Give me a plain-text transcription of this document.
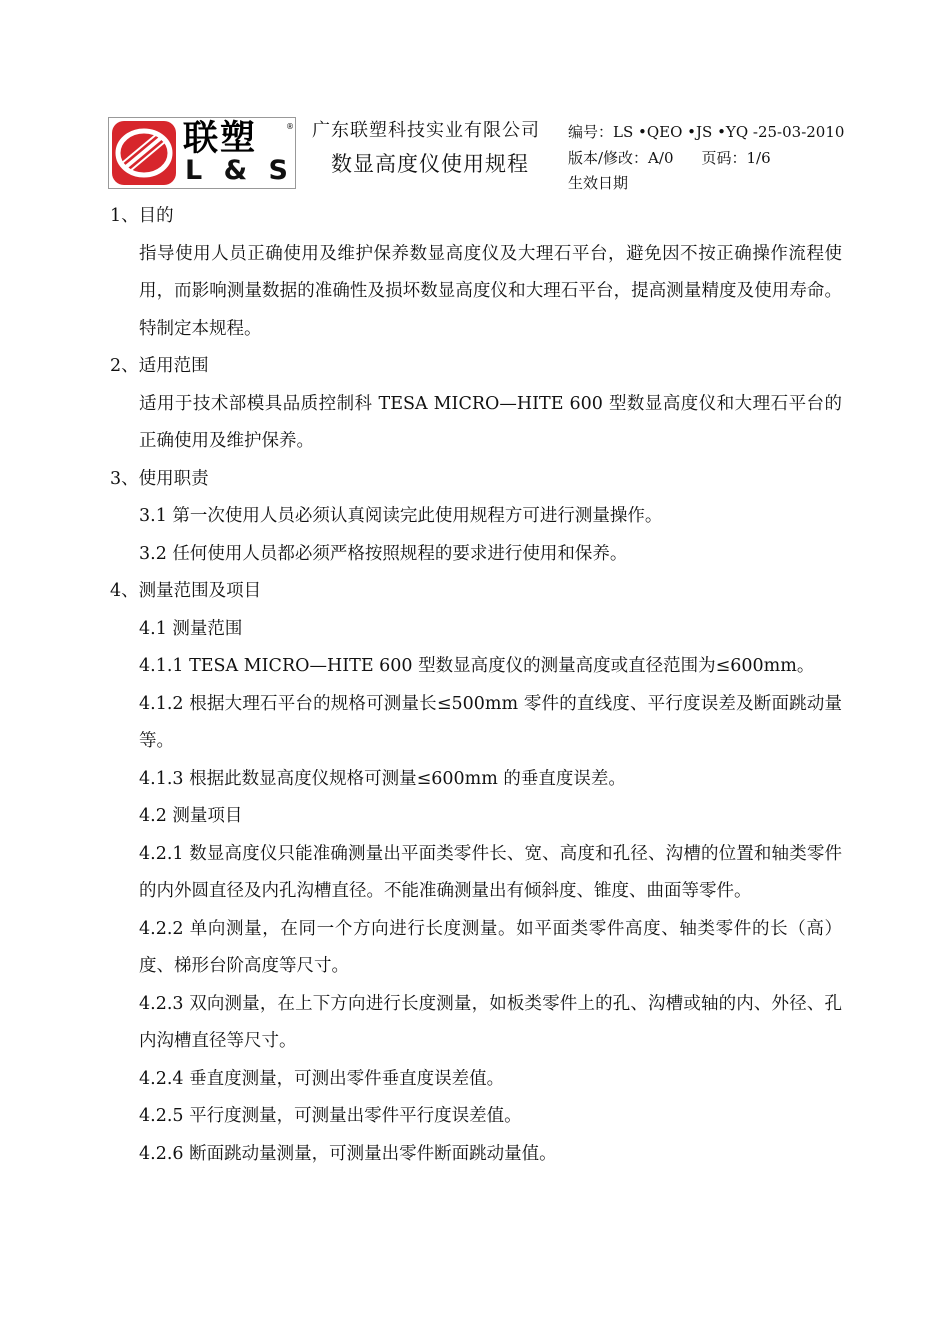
联塑	®
L & S
广东联塑科技实业有限公司
数显高度仪使用规程
编号：LS •QEO •JS •YQ -25-03-2010
版本/修改：A/0 页码：1/6
生效日期

1、目的

指导使用人员正确使用及维护保养数显高度仪及大理石平台，避免因不按正确操作流程使用，而影响测量数据的准确性及损坏数显高度仪和大理石平台，提高测量精度及使用寿命。特制定本规程。

2、适用范围

适用于技术部模具品质控制科 TESA MICRO—HITE 600 型数显高度仪和大理石平台的正确使用及维护保养。

3、使用职责

3.1 第一次使用人员必须认真阅读完此使用规程方可进行测量操作。

3.2 任何使用人员都必须严格按照规程的要求进行使用和保养。

4、测量范围及项目

4.1 测量范围

4.1.1 TESA MICRO—HITE 600 型数显高度仪的测量高度或直径范围为≤600mm。

4.1.2 根据大理石平台的规格可测量长≤500mm 零件的直线度、平行度误差及断面跳动量等。

4.1.3 根据此数显高度仪规格可测量≤600mm 的垂直度误差。

4.2 测量项目

4.2.1 数显高度仪只能准确测量出平面类零件长、宽、高度和孔径、沟槽的位置和轴类零件的内外圆直径及内孔沟槽直径。不能准确测量出有倾斜度、锥度、曲面等零件。

4.2.2 单向测量，在同一个方向进行长度测量。如平面类零件高度、轴类零件的长（高）度、梯形台阶高度等尺寸。

4.2.3 双向测量，在上下方向进行长度测量，如板类零件上的孔、沟槽或轴的内、外径、孔内沟槽直径等尺寸。

4.2.4 垂直度测量，可测出零件垂直度误差值。

4.2.5 平行度测量，可测量出零件平行度误差值。

4.2.6 断面跳动量测量，可测量出零件断面跳动量值。
